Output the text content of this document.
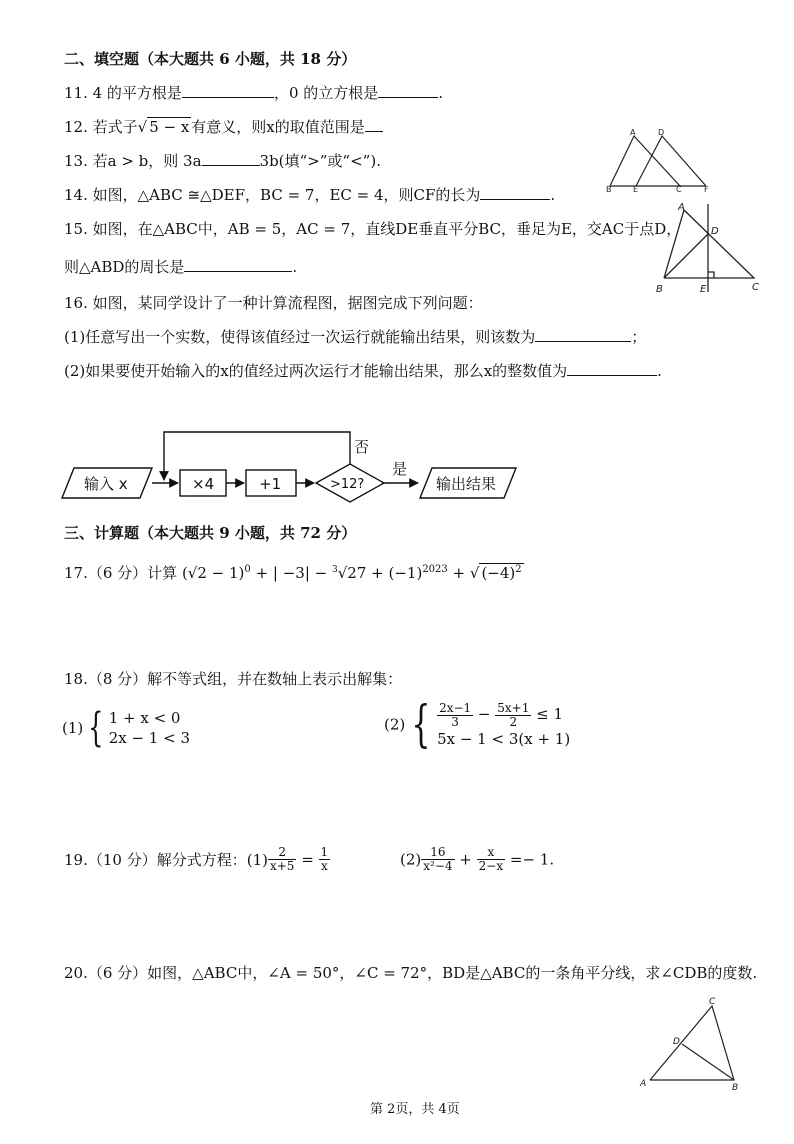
二、填空题（本大题共 6 小题，共 18 分）
11. 4 的平方根是	，0 的立方根是	.
12. 若式子√ 5 − x 有意义，则x的取值范围是
13. 若a > b，则 3a	3b(填“>”或“<”).
14. 如图，△ABC ≅△DEF，BC = 7，EC = 4，则CF的长为	.
A	D
B	E	C	F
15. 如图，在△ABC中，AB = 5，AC = 7，直线DE垂直平分BC，垂足为E，交AC于点D，
则△ABD的周长是	.
A
D
B	E	C
16. 如图，某同学设计了一种计算流程图，据图完成下列问题：
(1)任意写出一个实数，使得该值经过一次运行就能输出结果，则该数为	；
(2)如果要使开始输入的x的值经过两次运行才能输出结果，那么x的整数值为	.
输入 x	×4	+1	>12?
否
是
输出结果
三、计算题（本大题共 9 小题，共 72 分）
17.（6 分）计算 $(√2 - 1)^0$ + | $-3| - ^3√27 + (-1)^{2023}$ + √ $(-4)^2$
18.（8 分）解不等式组，并在数轴上表示出解集：
(1) { 1 + x < 0
2x − 1 < 3
(2) { $\frac{2x-1}{3} - \frac{5x+1}{2} \le 1$
5x − 1 < 3(x + 1)
19.（10 分）解分式方程：$(1) \frac{2}{x+5} = \frac{1}{x}$	$(2) \frac{16}{\text{x²−4}} + \frac{x}{2-x} =- 1$.
20.（6 分）如图，△ABC中，∠A = 50°，∠C = 72°，BD是△ABC的一条角平分线，求∠CDB的度数.
A	B
C
D
第 2页，共 4页
